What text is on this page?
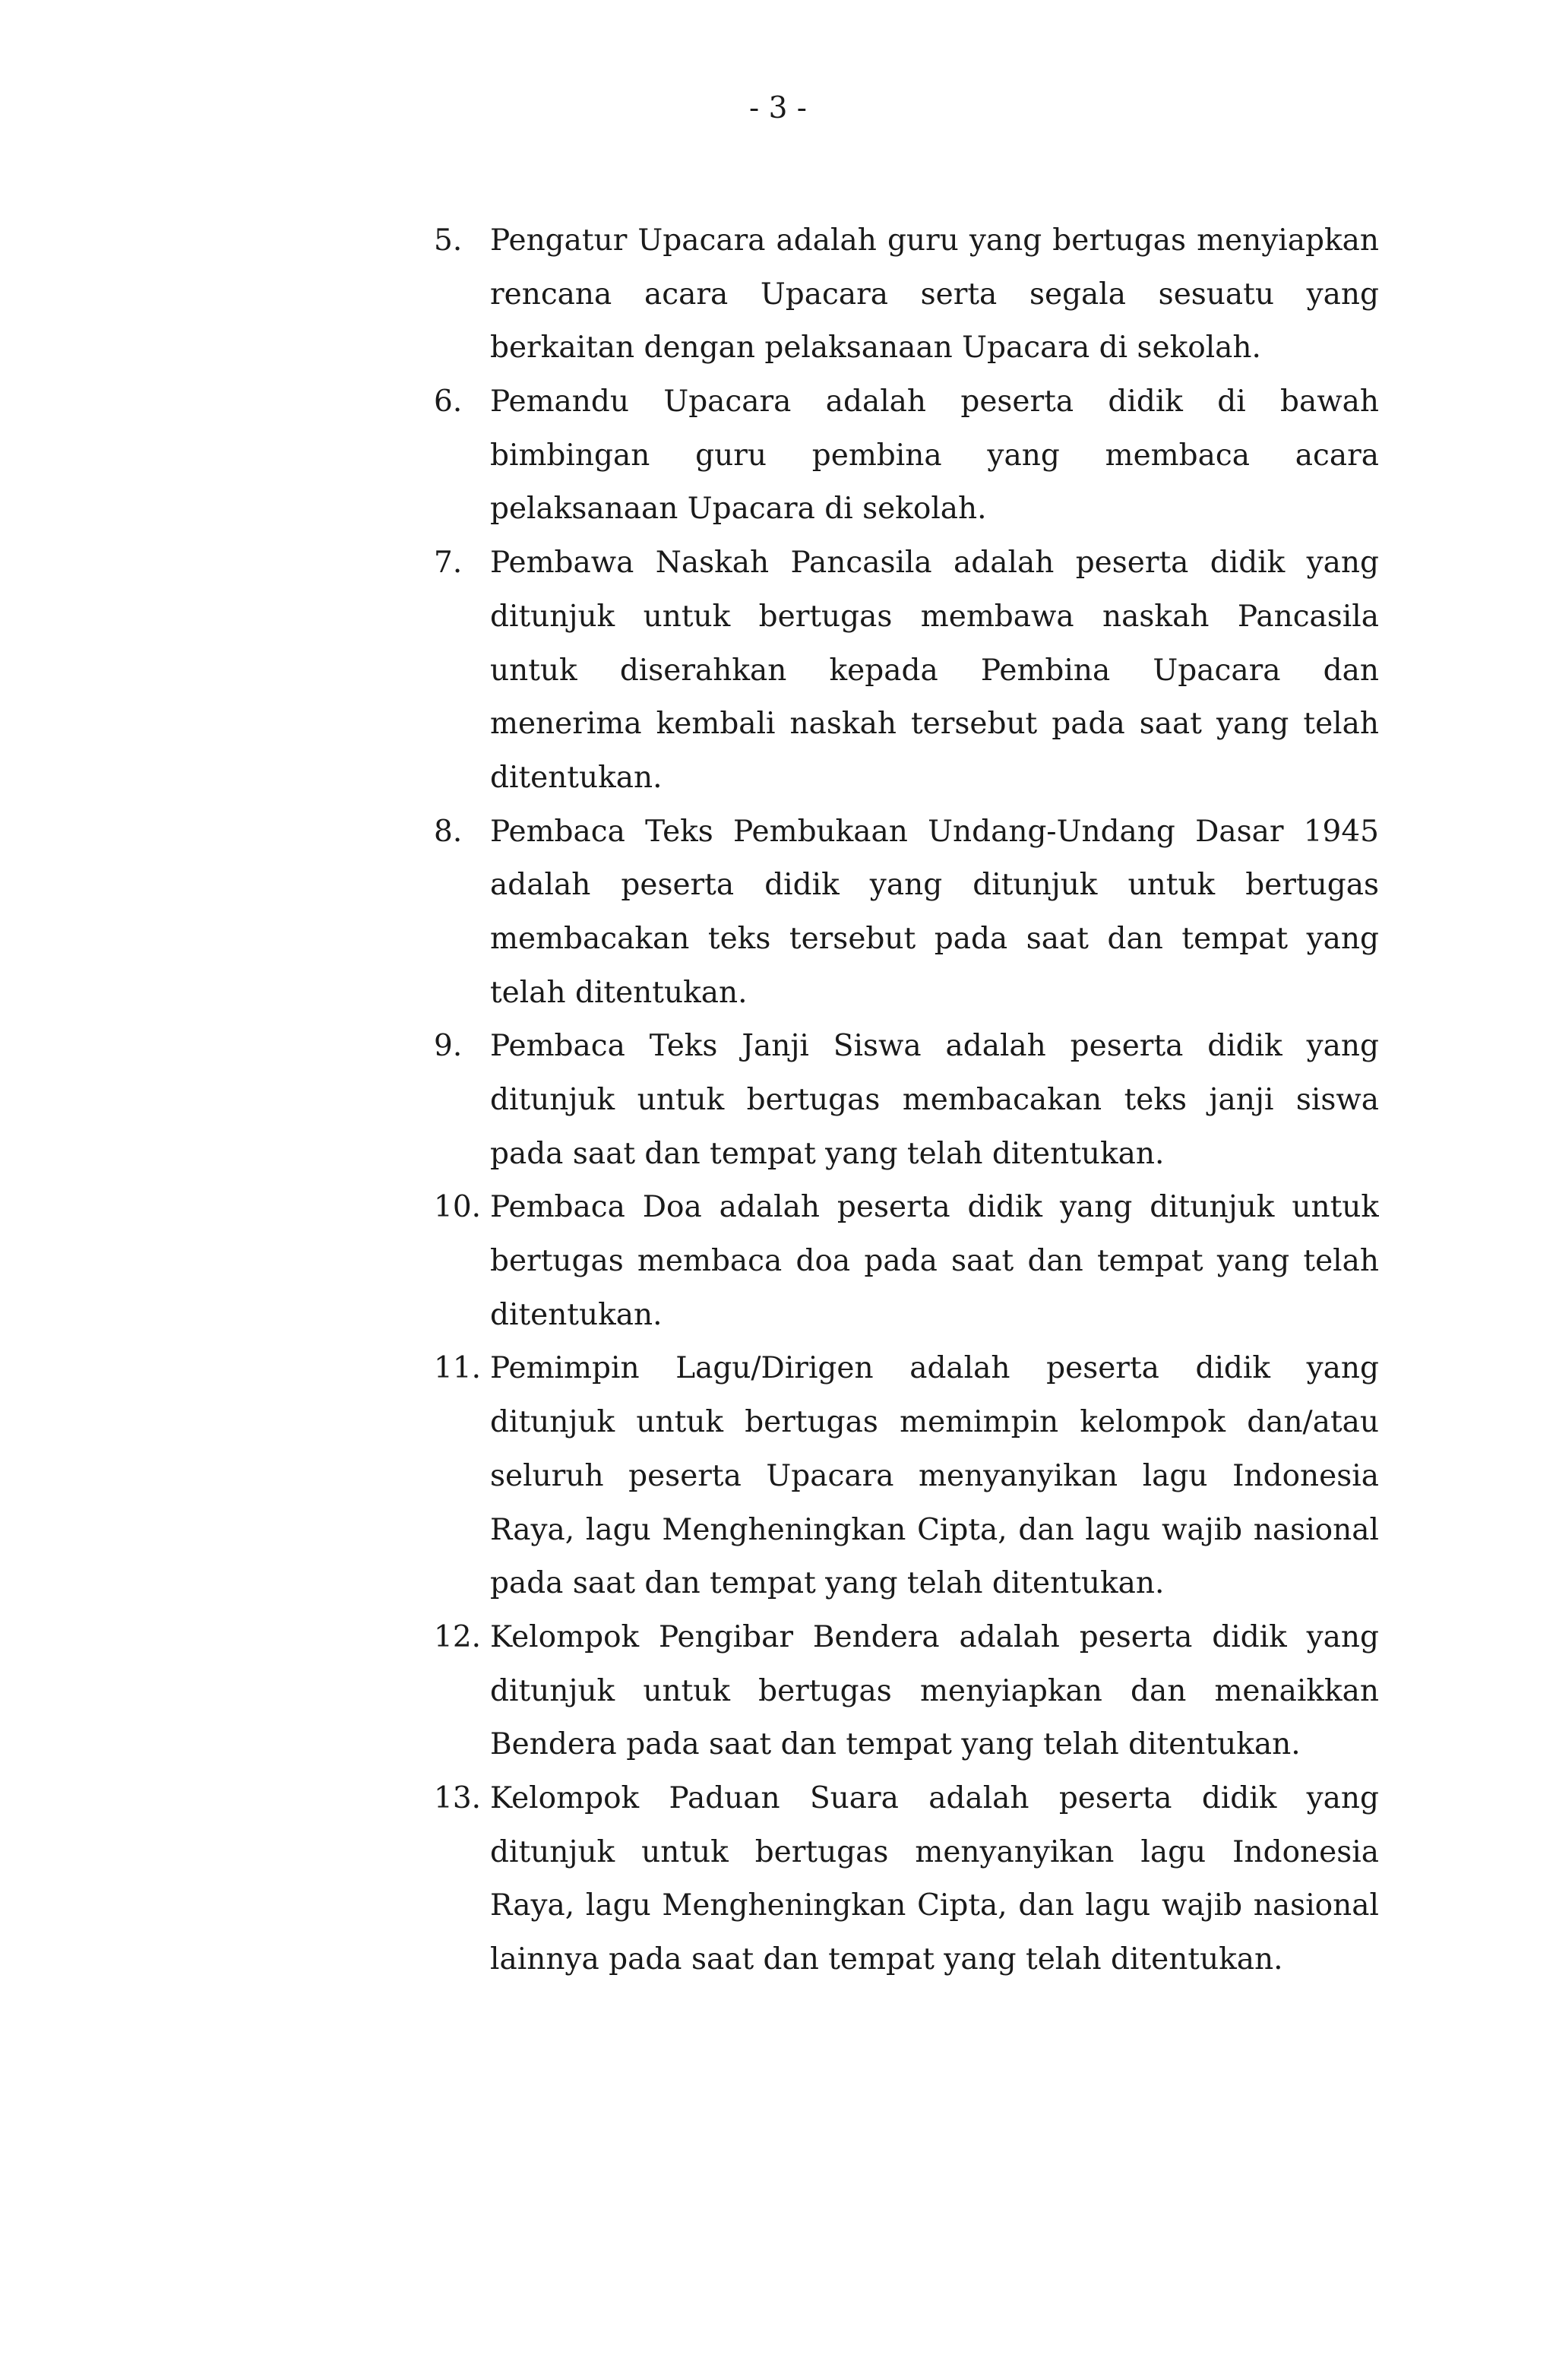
- 3 -
5. Pengatur Upacara adalah guru yang bertugas menyiapkan
rencana acara Upacara serta segala sesuatu yang
berkaitan dengan pelaksanaan Upacara di sekolah.
6. Pemandu Upacara adalah peserta didik di bawah
bimbingan guru pembina yang membaca acara
pelaksanaan Upacara di sekolah.
7. Pembawa Naskah Pancasila adalah peserta didik yang
ditunjuk untuk bertugas membawa naskah Pancasila
untuk diserahkan kepada Pembina Upacara dan
menerima kembali naskah tersebut pada saat yang telah
ditentukan.
8. Pembaca Teks Pembukaan Undang-Undang Dasar 1945
adalah peserta didik yang ditunjuk untuk bertugas
membacakan teks tersebut pada saat dan tempat yang
telah ditentukan.
9. Pembaca Teks Janji Siswa adalah peserta didik yang
ditunjuk untuk bertugas membacakan teks janji siswa
pada saat dan tempat yang telah ditentukan.
10. Pembaca Doa adalah peserta didik yang ditunjuk untuk
bertugas membaca doa pada saat dan tempat yang telah
ditentukan.
11. Pemimpin Lagu/Dirigen adalah peserta didik yang
ditunjuk untuk bertugas memimpin kelompok dan/atau
seluruh peserta Upacara menyanyikan lagu Indonesia
Raya, lagu Mengheningkan Cipta, dan lagu wajib nasional
pada saat dan tempat yang telah ditentukan.
12. Kelompok Pengibar Bendera adalah peserta didik yang
ditunjuk untuk bertugas menyiapkan dan menaikkan
Bendera pada saat dan tempat yang telah ditentukan.
13. Kelompok Paduan Suara adalah peserta didik yang
ditunjuk untuk bertugas menyanyikan lagu Indonesia
Raya, lagu Mengheningkan Cipta, dan lagu wajib nasional
lainnya pada saat dan tempat yang telah ditentukan.
